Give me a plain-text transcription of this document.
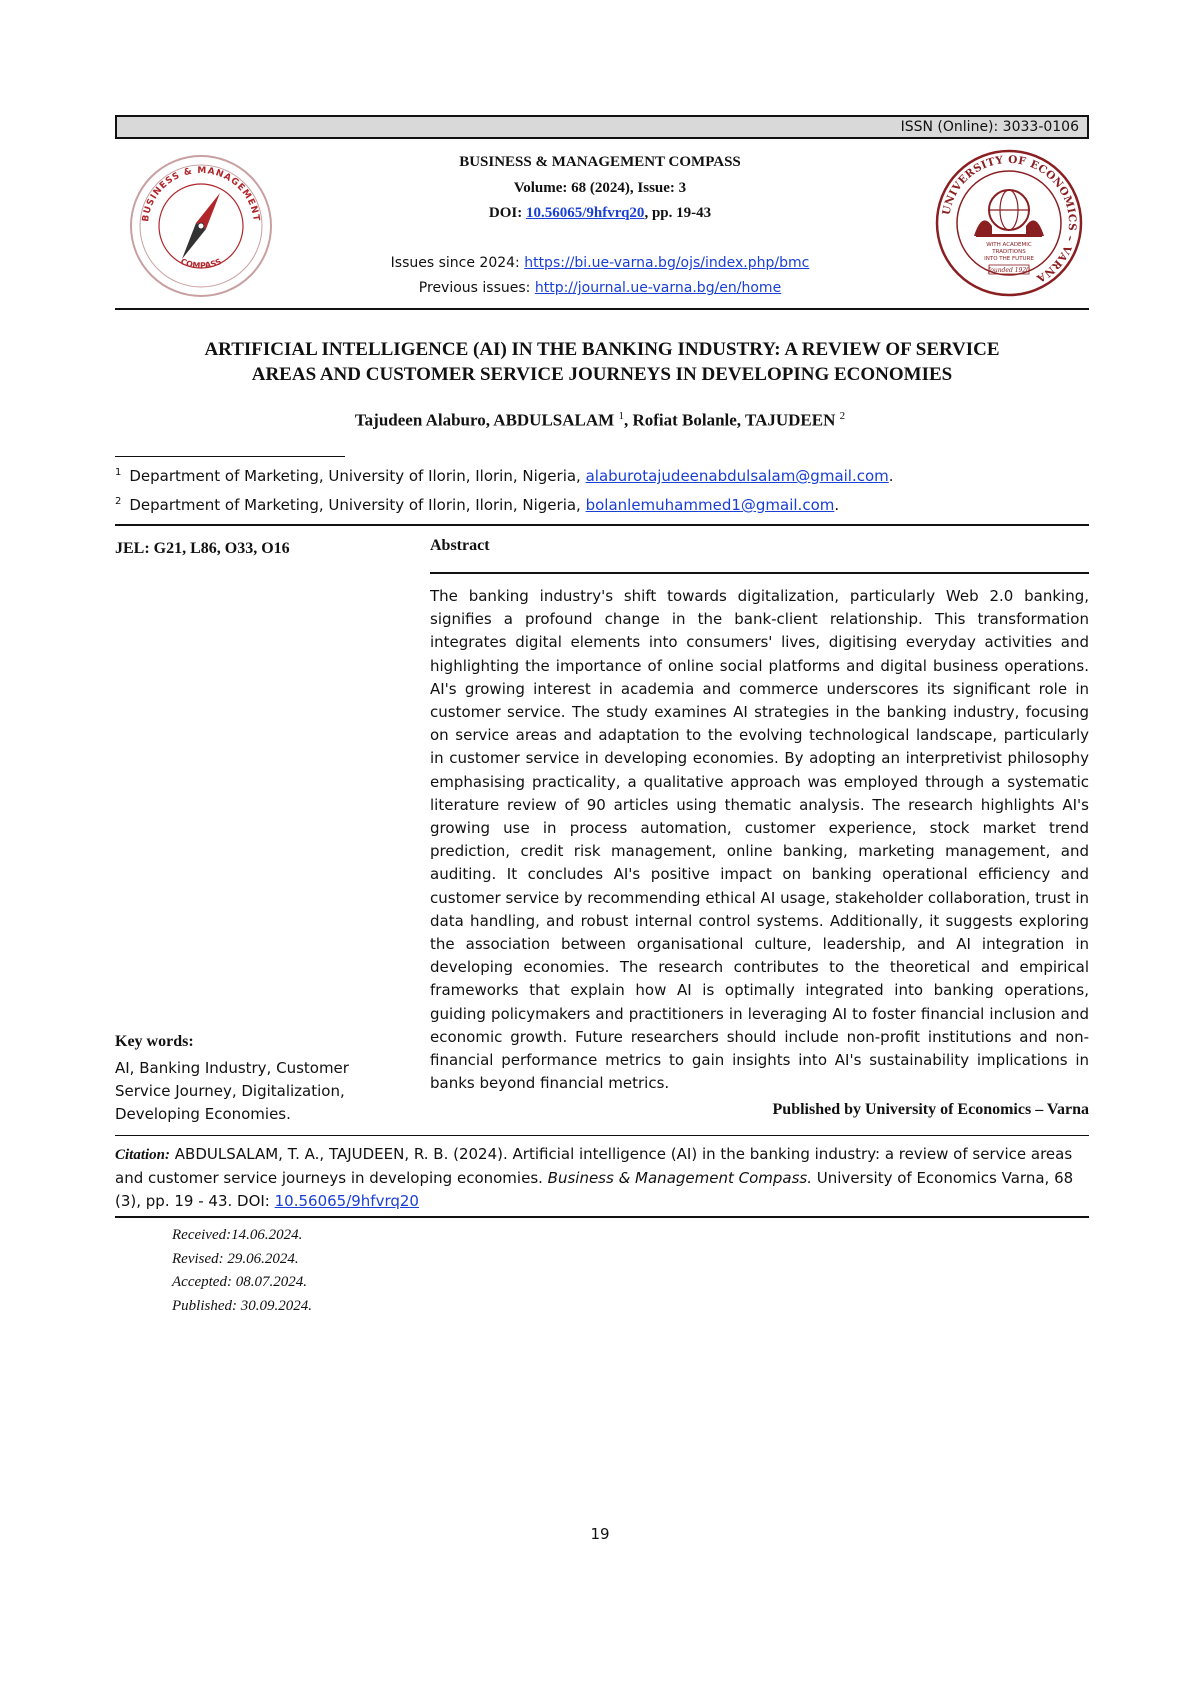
ISSN (Online): 3033-0106
BUSINESS & MANAGEMENT
COMPASS
BUSINESS & MANAGEMENT COMPASS
Volume: 68 (2024), Issue: 3
DOI: 10.56065/9hfvrq20, pp. 19-43
Issues since 2024: https://bi.ue-varna.bg/ojs/index.php/bmc
Previous issues: http://journal.ue-varna.bg/en/home
UNIVERSITY OF ECONOMICS – VARNA
WITH ACADEMIC
TRADITIONS
INTO THE FUTURE
founded 1920
ARTIFICIAL INTELLIGENCE (AI) IN THE BANKING INDUSTRY: A REVIEW OF SERVICE
AREAS AND CUSTOMER SERVICE JOURNEYS IN DEVELOPING ECONOMIES
Tajudeen Alaburo, ABDULSALAM $^1$, Rofiat Bolanle, TAJUDEEN $^2$
$^1$ Department of Marketing, University of Ilorin, Ilorin, Nigeria, alaburotajudeenabdulsalam@gmail.com.
$^2$ Department of Marketing, University of Ilorin, Ilorin, Nigeria, bolanlemuhammed1@gmail.com.
JEL: G21, L86, O33, O16	Abstract
The banking industry's shift towards digitalization, particularly Web 2.0 banking, signifies a profound change in the bank-client relationship. This transformation integrates digital elements into consumers' lives, digitising everyday activities and highlighting the importance of online social platforms and digital business operations. AI's growing interest in academia and commerce underscores its significant role in customer service. The study examines AI strategies in the banking industry, focusing on service areas and adaptation to the evolving technological landscape, particularly in customer service in developing economies. By adopting an interpretivist philosophy emphasising practicality, a qualitative approach was employed through a systematic literature review of 90 articles using thematic analysis. The research highlights AI's growing use in process automation, customer experience, stock market trend prediction, credit risk management, online banking, marketing management, and auditing. It concludes AI's positive impact on banking operational efficiency and customer service by recommending ethical AI usage, stakeholder collaboration, trust in data handling, and robust internal control systems. Additionally, it suggests exploring the association between organisational culture, leadership, and AI integration in developing economies. The research contributes to the theoretical and empirical frameworks that explain how AI is optimally integrated into banking operations, guiding policymakers and practitioners in leveraging AI to foster financial inclusion and economic growth. Future researchers should include non-profit institutions and non-financial performance metrics to gain insights into AI's sustainability implications in banks beyond financial metrics.
Key words:
AI, Banking Industry, Customer Service Journey, Digitalization, Developing Economies.	Published by University of Economics – Varna
Citation: ABDULSALAM, T. A., TAJUDEEN, R. B. (2024). Artificial intelligence (AI) in the banking industry: a review of service areas and customer service journeys in developing economies. Business & Management Compass. University of Economics Varna, 68 (3), pp. 19 - 43. DOI: 10.56065/9hfvrq20
Received:14.06.2024.
Revised: 29.06.2024.
Accepted: 08.07.2024.
Published: 30.09.2024.
19
